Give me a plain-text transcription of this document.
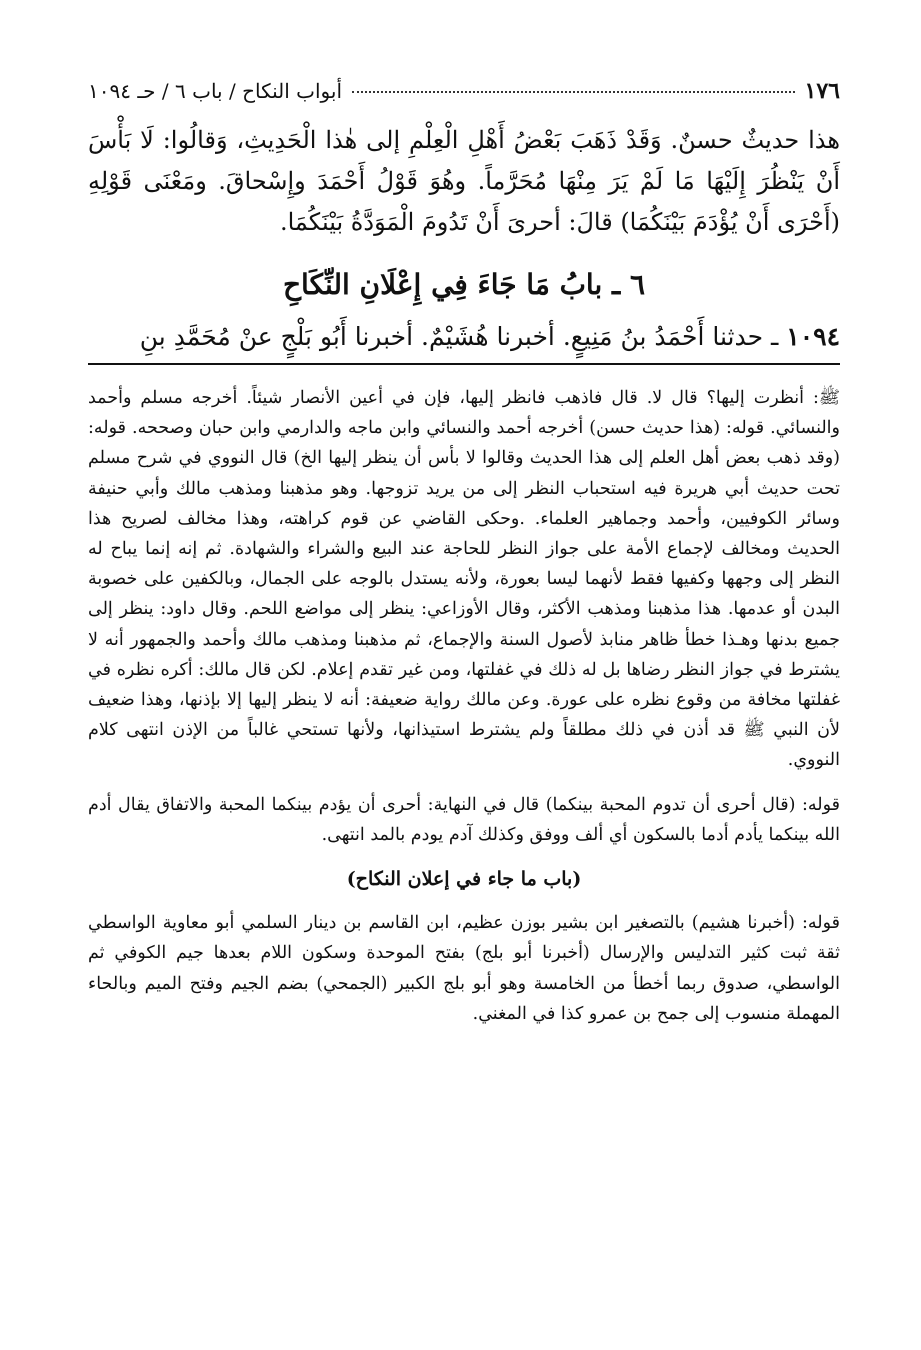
١٧٦
أبواب النكاح / باب ٦ / حـ ١٠٩٤
هذا حديثٌ حسنٌ. وَقَدْ ذَهَبَ بَعْضُ أَهْلِ الْعِلْمِ إلى هٰذا الْحَدِيثِ، وَقالُوا: لَا بَأْسَ أَنْ يَنْظُرَ إِلَيْهَا مَا لَمْ يَرَ مِنْهَا مُحَرَّماً. وهُوَ قَوْلُ أَحْمَدَ وإِسْحاقَ. ومَعْنَى قَوْلِهِ (أَحْرَى أَنْ يُؤْدَمَ بَيْنَكُمَا) قالَ: أحرىَ أَنْ تَدُومَ الْمَوَدَّةُ بَيْنَكُمَا.
٦ ـ بابُ مَا جَاءَ فِي إِعْلَانِ النِّكَاحِ
١٠٩٤ ـ حدثنا أَحْمَدُ بنُ مَنِيعٍ. أخبرنا هُشَيْمٌ. أخبرنا أَبُو بَلْجٍ عنْ مُحَمَّدِ بنِ

ﷺ: أنظرت إليها؟ قال لا. قال فاذهب فانظر إليها، فإن في أعين الأنصار شيئاً. أخرجه مسلم وأحمد والنسائي. قوله: (هذا حديث حسن) أخرجه أحمد والنسائي وابن ماجه والدارمي وابن حبان وصححه. قوله: (وقد ذهب بعض أهل العلم إلى هذا الحديث وقالوا لا بأس أن ينظر إليها الخ) قال النووي في شرح مسلم تحت حديث أبي هريرة فيه استحباب النظر إلى من يريد تزوجها. وهو مذهبنا ومذهب مالك وأبي حنيفة وسائر الكوفيين، وأحمد وجماهير العلماء. .وحكى القاضي عن قوم كراهته، وهذا مخالف لصريح هذا الحديث ومخالف لإجماع الأمة على جواز النظر للحاجة عند البيع والشراء والشهادة. ثم إنه إنما يباح له النظر إلى وجهها وكفيها فقط لأنهما ليسا بعورة، ولأنه يستدل بالوجه على الجمال، وبالكفين على خصوبة البدن أو عدمها. هذا مذهبنا ومذهب الأكثر، وقال الأوزاعي: ينظر إلى مواضع اللحم. وقال داود: ينظر إلى جميع بدنها وهـذا خطأ ظاهر منابذ لأصول السنة والإجماع، ثم مذهبنا ومذهب مالك وأحمد والجمهور أنه لا يشترط في جواز النظر رضاها بل له ذلك في غفلتها، ومن غير تقدم إعلام. لكن قال مالك: أكره نظره في غفلتها مخافة من وقوع نظره على عورة. وعن مالك رواية ضعيفة: أنه لا ينظر إليها إلا بإذنها، وهذا ضعيف لأن النبي ﷺ قد أذن في ذلك مطلقاً ولم يشترط استيذانها، ولأنها تستحي غالباً من الإذن انتهى كلام النووي.

قوله: (قال أحرى أن تدوم المحبة بينكما) قال في النهاية: أحرى أن يؤدم بينكما المحبة والاتفاق يقال أدم الله بينكما يأدم أدما بالسكون أي ألف ووفق وكذلك آدم يودم بالمد انتهى.

(باب ما جاء في إعلان النكاح)

قوله: (أخبرنا هشيم) بالتصغير ابن بشير بوزن عظيم، ابن القاسم بن دينار السلمي أبو معاوية الواسطي ثقة ثبت كثير التدليس والإرسال (أخبرنا أبو بلج) بفتح الموحدة وسكون اللام بعدها جيم الكوفي ثم الواسطي، صدوق ربما أخطأ من الخامسة وهو أبو بلج الكبير (الجمحي) بضم الجيم وفتح الميم وبالحاء المهملة منسوب إلى جمح بن عمرو كذا في المغني.
